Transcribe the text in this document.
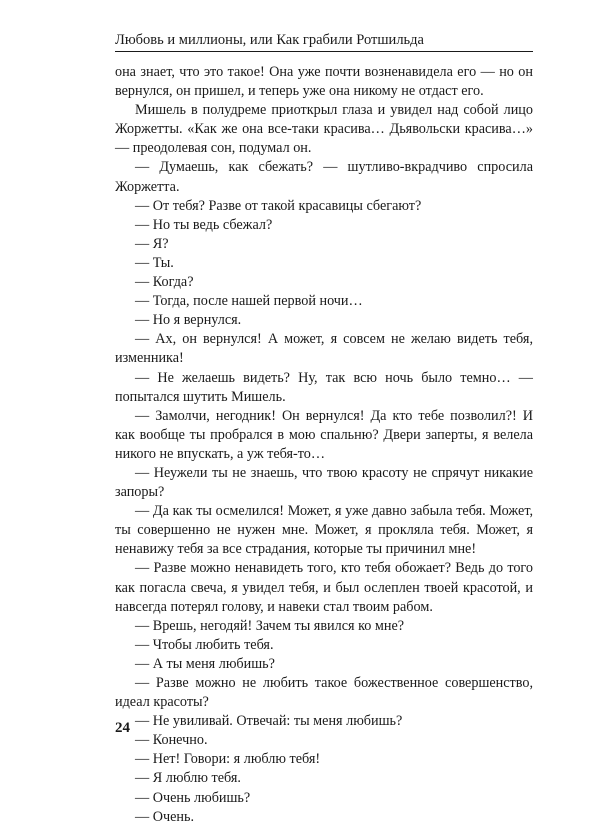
Любовь и миллионы, или Как грабили Ротшильда

она знает, что это такое! Она уже почти возненавидела его — но он вернулся, он пришел, и теперь уже она никому не отдаст его.

Мишель в полудреме приоткрыл глаза и увидел над собой лицо Жоржетты. «Как же она все-таки красива… Дьявольски красива…» — преодолевая сон, подумал он.

— Думаешь, как сбежать? — шутливо-вкрадчиво спросила Жоржетта.

— От тебя? Разве от такой красавицы сбегают?

— Но ты ведь сбежал?

— Я?

— Ты.

— Когда?

— Тогда, после нашей первой ночи…

— Но я вернулся.

— Ах, он вернулся! А может, я совсем не желаю видеть тебя, изменника!

— Не желаешь видеть? Ну, так всю ночь было темно… — попытался шутить Мишель.

— Замолчи, негодник! Он вернулся! Да кто тебе позволил?! И как вообще ты пробрался в мою спальню? Двери заперты, я велела никого не впускать, а уж тебя-то…

— Неужели ты не знаешь, что твою красоту не спрячут никакие запоры?

— Да как ты осмелился! Может, я уже давно забыла тебя. Может, ты совершенно не нужен мне. Может, я прокляла тебя. Может, я ненавижу тебя за все страдания, которые ты причинил мне!

— Разве можно ненавидеть того, кто тебя обожает? Ведь до того как погасла свеча, я увидел тебя, и был ослеплен твоей красотой, и навсегда потерял голову, и навеки стал твоим рабом.

— Врешь, негодяй! Зачем ты явился ко мне?

— Чтобы любить тебя.

— А ты меня любишь?

— Разве можно не любить такое божественное совершенство, идеал красоты?

— Не увиливай. Отвечай: ты меня любишь?

— Конечно.

— Нет! Говори: я люблю тебя!

— Я люблю тебя.

— Очень любишь?

— Очень.

24
